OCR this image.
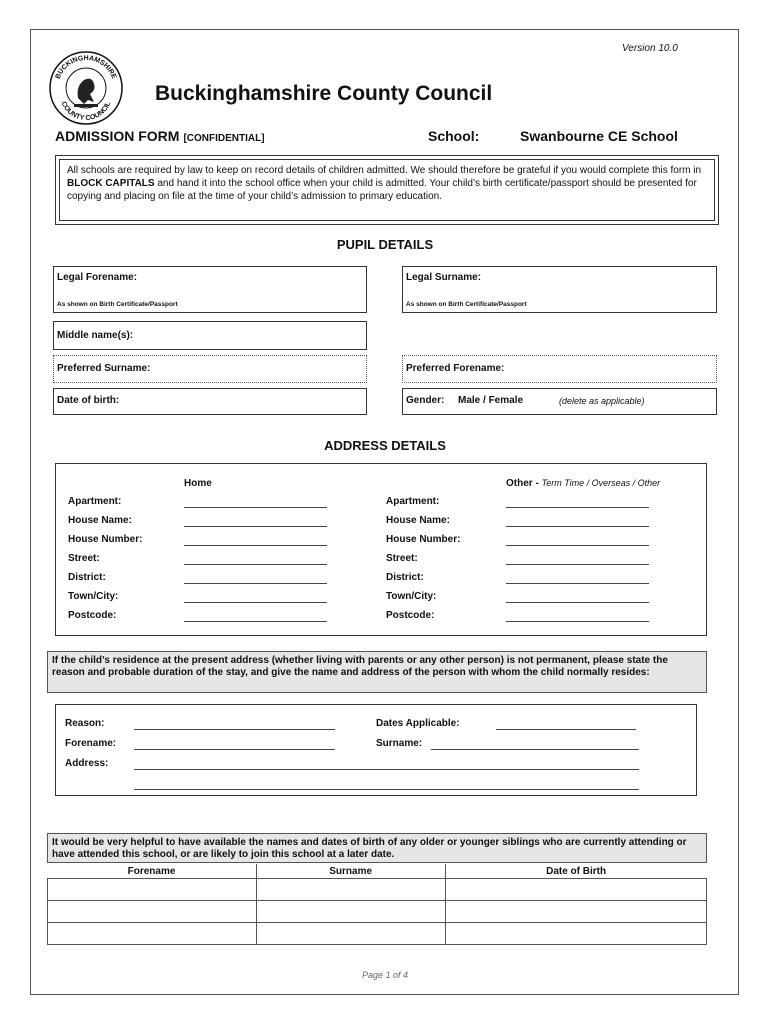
Version 10.0
BUCKINGHAMSHIRE
COUNTY COUNCIL Buckinghamshire County Council
ADMISSION FORM [CONFIDENTIAL]	School:	Swanbourne CE School
All schools are required by law to keep on record details of children admitted. We should therefore be grateful if you would complete this form in BLOCK CAPITALS and hand it into the school office when your child is admitted. Your child’s birth certificate/passport should be presented for copying and placing on file at the time of your child’s admission to primary education.
PUPIL DETAILS
Legal Forename:
As shown on Birth Certificate/Passport
Legal Surname:
As shown on Birth Certificate/Passport
Middle name(s):
Preferred Surname:	Preferred Forename:
Date of birth:	Gender: Male / Female	(delete as applicable)
ADDRESS DETAILS
Home	Other - Term Time / Overseas / Other
Apartment:	Apartment:
House Name:	House Name:
House Number:	House Number:
Street:	Street:
District:	District:
Town/City:	Town/City:
Postcode:	Postcode:
If the child’s residence at the present address (whether living with parents or any other person) is not permanent, please state the reason and probable duration of the stay, and give the name and address of the person with whom the child normally resides:
Reason:	Dates Applicable:
Forename:	Surname:
Address:
It would be very helpful to have available the names and dates of birth of any older or younger siblings who are currently attending or have attended this school, or are likely to join this school at a later date.
Forename	Surname	Date of Birth

Page 1 of 4
